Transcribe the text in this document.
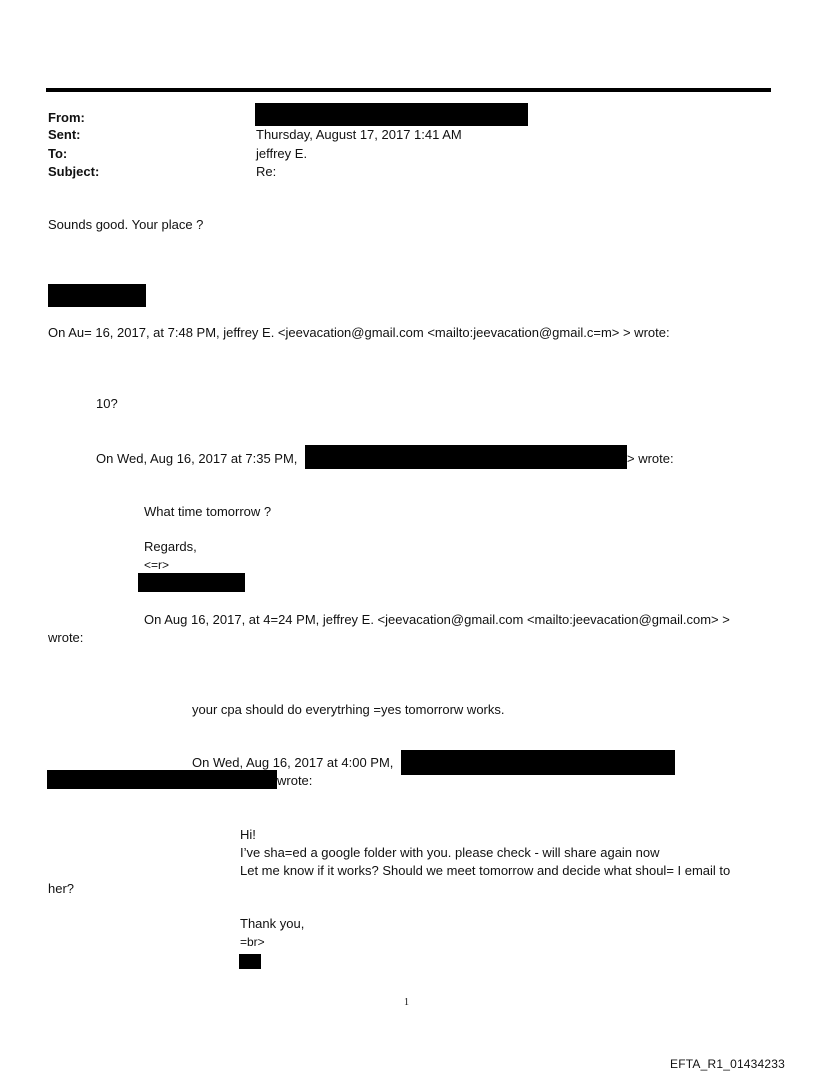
From:
Sent:	Thursday, August 17, 2017 1:41 AM
To:	jeffrey E.
Subject:	Re:
Sounds good. Your place ?
On Au= 16, 2017, at 7:48 PM, jeffrey E. <jeevacation@gmail.com <mailto:jeevacation@gmail.c=m> > wrote:
10?
On Wed, Aug 16, 2017 at 7:35 PM,	> wrote:
What time tomorrow ?
Regards,
<=r>
On Aug 16, 2017, at 4=24 PM, jeffrey E. <jeevacation@gmail.com <mailto:jeevacation@gmail.com> >
wrote:
your cpa should do everytrhing =yes tomorrorw works.
On Wed, Aug 16, 2017 at 4:00 PM,
wrote:
Hi!
I’ve sha=ed a google folder with you. please check - will share again now
Let me know if it works? Should we meet tomorrow and decide what shoul= I email to
her?
Thank you,
=br>
1
EFTA_R1_01434233
